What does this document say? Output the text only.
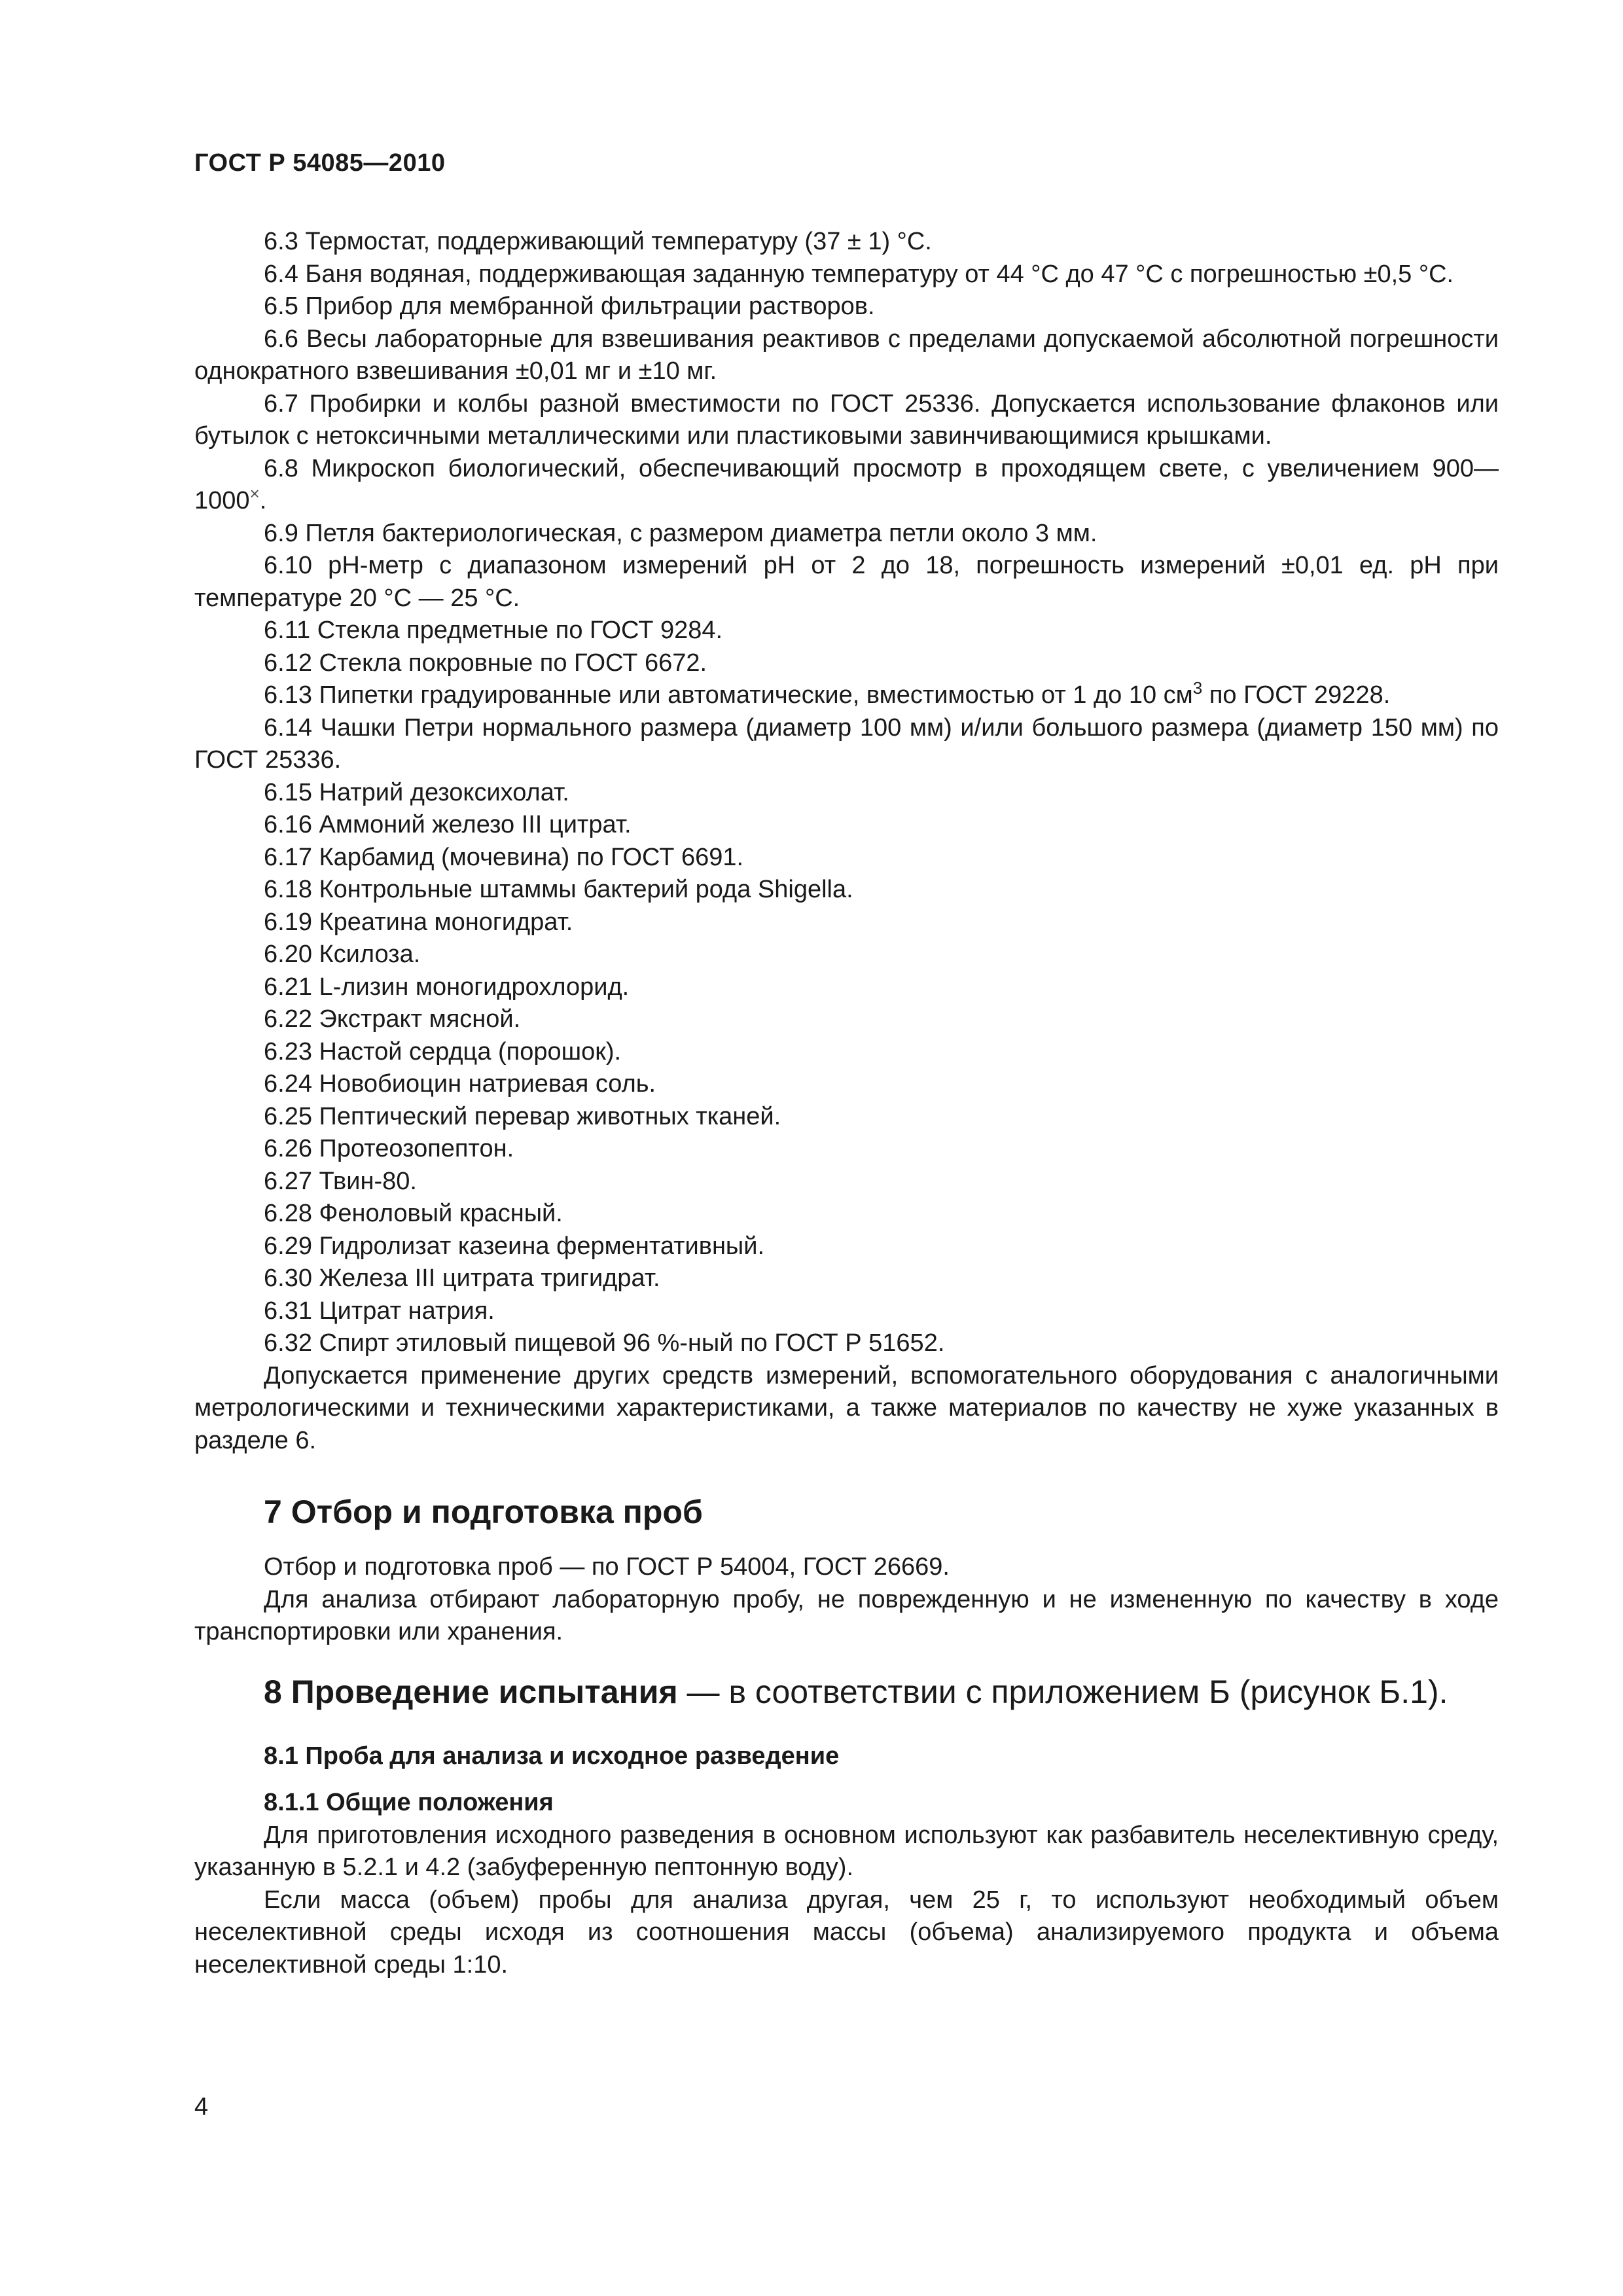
ГОСТ Р 54085—2010

6.3 Термостат, поддерживающий температуру (37 ± 1) °С.

6.4 Баня водяная, поддерживающая заданную температуру от 44 °С до 47 °С с погрешностью ±0,5 °С.

6.5 Прибор для мембранной фильтрации растворов.

6.6 Весы лабораторные для взвешивания реактивов с пределами допускаемой абсолютной погрешности однократного взвешивания ±0,01 мг и ±10 мг.

6.7 Пробирки и колбы разной вместимости по ГОСТ 25336. Допускается использование флаконов или бутылок с нетоксичными металлическими или пластиковыми завинчивающимися крышками.

6.8 Микроскоп биологический, обеспечивающий просмотр в проходящем свете, с увеличением 900—1000×.

6.9 Петля бактериологическая, с размером диаметра петли около 3 мм.

6.10 рН-метр с диапазоном измерений рН от 2 до 18, погрешность измерений ±0,01 ед. рН при температуре 20 °С — 25 °С.

6.11 Стекла предметные по ГОСТ 9284.

6.12 Стекла покровные по ГОСТ 6672.

6.13 Пипетки градуированные или автоматические, вместимостью от 1 до 10 $см^3$ по ГОСТ 29228.

6.14 Чашки Петри нормального размера (диаметр 100 мм) и/или большого размера (диаметр 150 мм) по ГОСТ 25336.

6.15 Натрий дезоксихолат.

6.16 Аммоний железо III цитрат.

6.17 Карбамид (мочевина) по ГОСТ 6691.

6.18 Контрольные штаммы бактерий рода Shigella.

6.19 Креатина моногидрат.

6.20 Ксилоза.

6.21 L-лизин моногидрохлорид.

6.22 Экстракт мясной.

6.23 Настой сердца (порошок).

6.24 Новобиоцин натриевая соль.

6.25 Пептический перевар животных тканей.

6.26 Протеозопептон.

6.27 Твин-80.

6.28 Феноловый красный.

6.29 Гидролизат казеина ферментативный.

6.30 Железа III цитрата тригидрат.

6.31 Цитрат натрия.

6.32 Спирт этиловый пищевой 96 %-ный по ГОСТ Р 51652.

Допускается применение других средств измерений, вспомогательного оборудования с аналогичными метрологическими и техническими характеристиками, а также материалов по качеству не хуже указанных в разделе 6.

7 Отбор и подготовка проб

Отбор и подготовка проб — по ГОСТ Р 54004, ГОСТ 26669.

Для анализа отбирают лабораторную пробу, не поврежденную и не измененную по качеству в ходе транспортировки или хранения.

8 Проведение испытания — в соответствии с приложением Б (рисунок Б.1).
8.1 Проба для анализа и исходное разведение
8.1.1 Общие положения

Для приготовления исходного разведения в основном используют как разбавитель неселективную среду, указанную в 5.2.1 и 4.2 (забуференную пептонную воду).

Если масса (объем) пробы для анализа другая, чем 25 г, то используют необходимый объем неселективной среды исходя из соотношения массы (объема) анализируемого продукта и объема неселективной среды 1:10.

4
